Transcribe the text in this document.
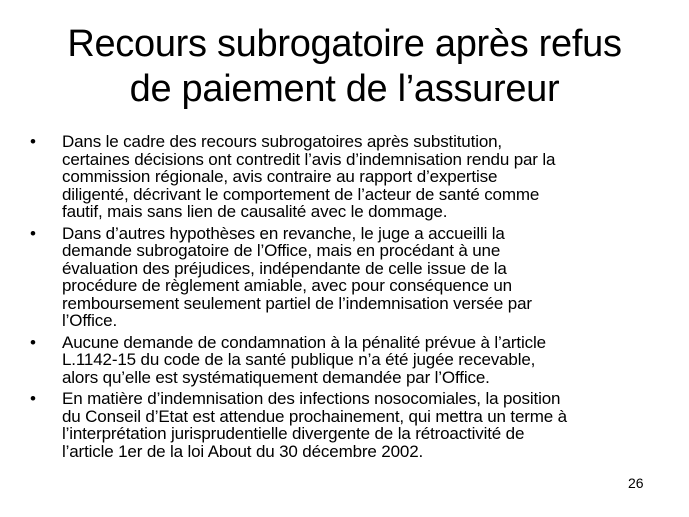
Recours subrogatoire après refus
de paiement de l’assureur
• Dans le cadre des recours subrogatoires après substitution,
certaines décisions ont contredit l’avis d’indemnisation rendu par la
commission régionale, avis contraire au rapport d’expertise
diligenté, décrivant le comportement de l’acteur de santé comme
fautif, mais sans lien de causalité avec le dommage.
• Dans d’autres hypothèses en revanche, le juge a accueilli la
demande subrogatoire de l’Office, mais en procédant à une
évaluation des préjudices, indépendante de celle issue de la
procédure de règlement amiable, avec pour conséquence un
remboursement seulement partiel de l’indemnisation versée par
l’Office.
• Aucune demande de condamnation à la pénalité prévue à l’article
L.1142-15 du code de la santé publique n’a été jugée recevable,
alors qu’elle est systématiquement demandée par l’Office.
• En matière d’indemnisation des infections nosocomiales, la position
du Conseil d’Etat est attendue prochainement, qui mettra un terme à
l’interprétation jurisprudentielle divergente de la rétroactivité de
l’article 1er de la loi About du 30 décembre 2002.
26
